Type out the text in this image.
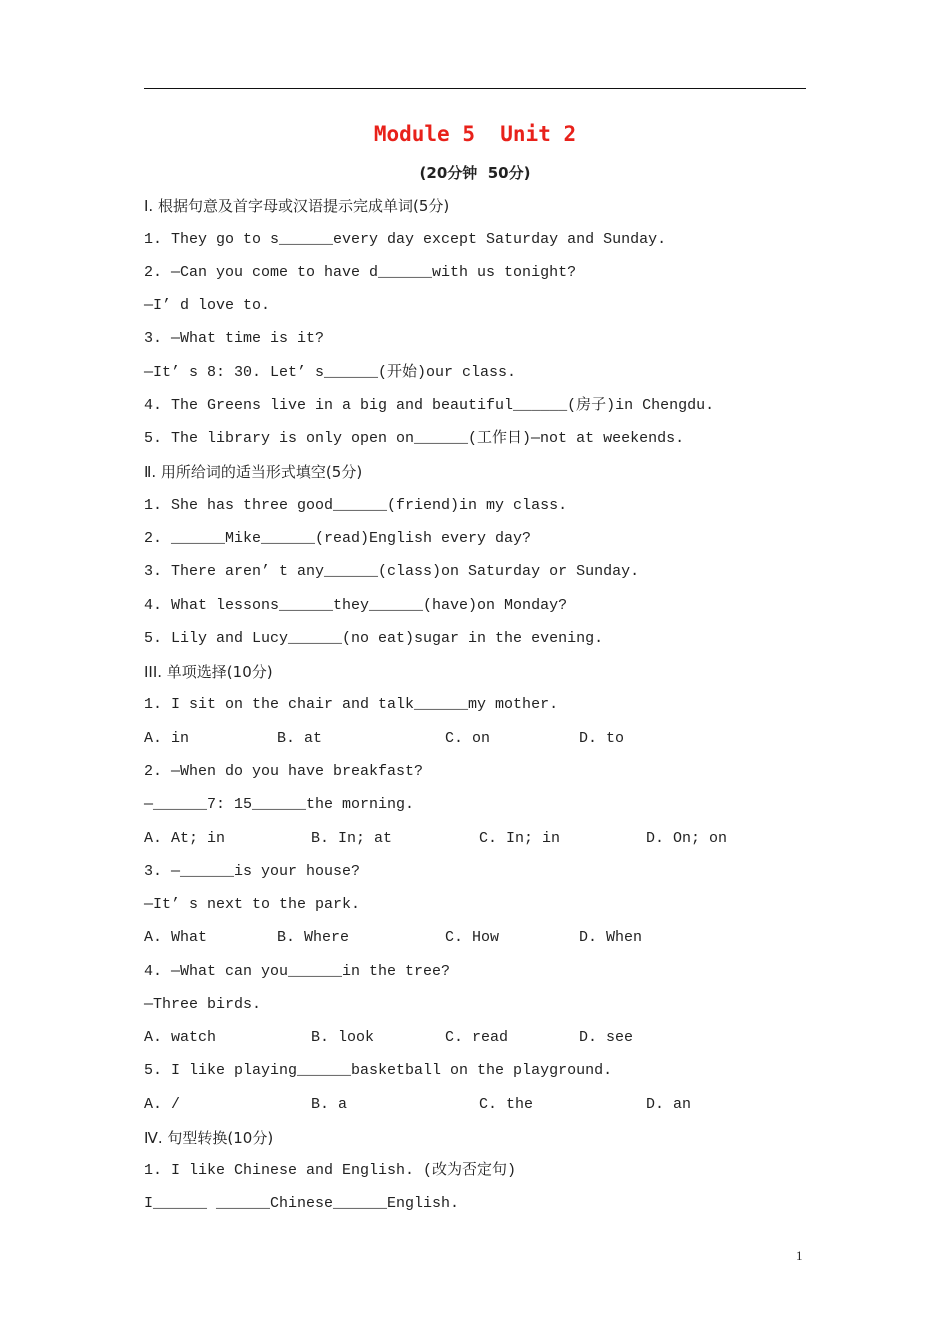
Module 5  Unit 2
(20分钟  50分)
Ⅰ. 根据句意及首字母或汉语提示完成单词(5分)
1. They go to s______every day except Saturday and Sunday.
2. —Can you come to have d______with us tonight?
—I’ d love to.
3. —What time is it?
—It’ s 8: 30. Let’ s______(开始)our class.
4. The Greens live in a big and beautiful______(房子)in Chengdu.
5. The library is only open on______(工作日)—not at weekends.
Ⅱ. 用所给词的适当形式填空(5分)
1. She has three good______(friend)in my class.
2. ______Mike______(read)English every day?
3. There aren’ t any______(class)on Saturday or Sunday.
4. What lessons______they______(have)on Monday?
5. Lily and Lucy______(no eat)sugar in the evening.
III. 单项选择(10分)
1. I sit on the chair and talk______my mother.
A. in	B. at	C. on	D. to
2. —When do you have breakfast?
—______7: 15______the morning.
A. At; in	B. In; at	C. In; in	D. On; on
3. —______is your house?
—It’ s next to the park.
A. What	B. Where	C. How	D. When
4. —What can you______in the tree?
—Three birds.
A. watch	B. look	C. read	D. see
5. I like playing______basketball on the playground.
A. /	B. a	C. the	D. an
Ⅳ. 句型转换(10分)
1. I like Chinese and English. (改为否定句)
I______ ______Chinese______English.
1
